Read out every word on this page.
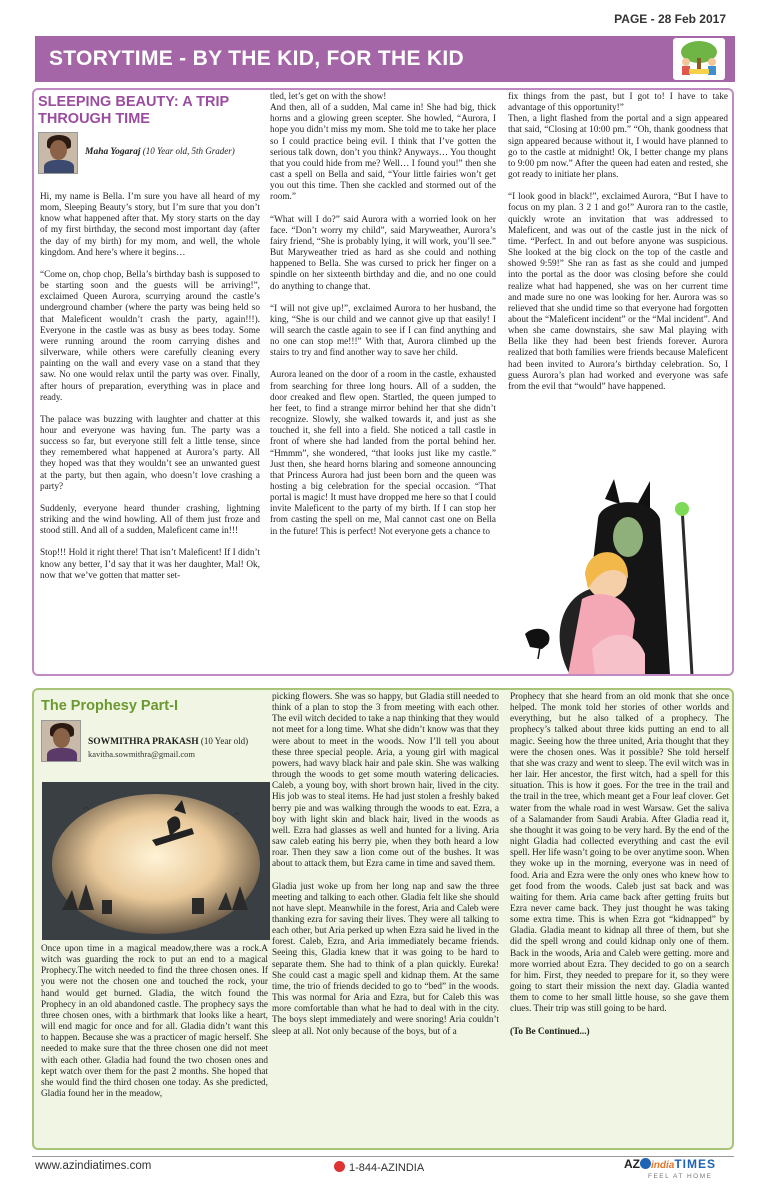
PAGE - 28 Feb 2017
STORYTIME - BY THE KID, FOR THE KID
SLEEPING BEAUTY: A TRIP THROUGH TIME
Maha Yogaraj (10 Year old, 5th Grader)

Hi, my name is Bella. I’m sure you have all heard of my mom, Sleeping Beauty’s story, but I’m sure that you don’t know what happened after that. My story starts on the day of my first birthday, the second most important day (after the day of my birth) for my mom, and well, the whole kingdom. And here’s where it begins…

“Come on, chop chop, Bella’s birthday bash is supposed to be starting soon and the guests will be arriving!”, exclaimed Queen Aurora, scurrying around the castle’s underground chamber (where the party was being held so that Maleficent wouldn’t crash the party, again!!!). Everyone in the castle was as busy as bees today. Some were running around the room carrying dishes and silverware, while others were carefully cleaning every painting on the wall and every vase on a stand that they saw. No one would relax until the party was over. Finally, after hours of preparation, everything was in place and ready.

The palace was buzzing with laughter and chatter at this hour and everyone was having fun. The party was a success so far, but everyone still felt a little tense, since they remembered what happened at Aurora’s party. All they hoped was that they wouldn’t see an unwanted guest at the party, but then again, who doesn’t love crashing a party?

Suddenly, everyone heard thunder crashing, lightning striking and the wind howling. All of them just froze and stood still. And all of a sudden, Maleficent came in!!!

Stop!!! Hold it right there! That isn’t Maleficent! If I didn’t know any better, I’d say that it was her daughter, Mal! Ok, now that we’ve gotten that matter set-

tled, let’s get on with the show!

And then, all of a sudden, Mal came in! She had big, thick horns and a glowing green scepter. She howled, “Aurora, I hope you didn’t miss my mom. She told me to take her place so I could practice being evil. I think that I’ve gotten the serious talk down, don’t you think? Anyways… You thought that you could hide from me? Well… I found you!” then she cast a spell on Bella and said, “Your little fairies won’t get you out this time. Then she cackled and stormed out of the room.”

“What will I do?” said Aurora with a worried look on her face. “Don’t worry my child”, said Maryweather, Aurora’s fairy friend, “She is probably lying, it will work, you’ll see.” But Maryweather tried as hard as she could and nothing happened to Bella. She was cursed to prick her finger on a spindle on her sixteenth birthday and die, and no one could do anything to change that.

“I will not give up!”, exclaimed Aurora to her husband, the king, “She is our child and we cannot give up that easily! I will search the castle again to see if I can find anything and no one can stop me!!!” With that, Aurora climbed up the stairs to try and find another way to save her child.

Aurora leaned on the door of a room in the castle, exhausted from searching for three long hours. All of a sudden, the door creaked and flew open. Startled, the queen jumped to her feet, to find a strange mirror behind her that she didn’t recognize. Slowly, she walked towards it, and just as she touched it, she fell into a field. She noticed a tall castle in front of where she had landed from the portal behind her. “Hmmm”, she wondered, “that looks just like my castle.” Just then, she heard horns blaring and someone announcing that Princess Aurora had just been born and the queen was hosting a big celebration for the special occasion. “That portal is magic! It must have dropped me here so that I could invite Maleficent to the party of my birth. If I can stop her from casting the spell on me, Mal cannot cast one on Bella in the future! This is perfect! Not everyone gets a chance to

fix things from the past, but I got to! I have to take advantage of this opportunity!”

Then, a light flashed from the portal and a sign appeared that said, “Closing at 10:00 pm.” “Oh, thank goodness that sign appeared because without it, I would have planned to go to the castle at midnight! Ok, I better change my plans to 9:00 pm now.” After the queen had eaten and rested, she got ready to initiate her plans.

“I look good in black!”, exclaimed Aurora, “But I have to focus on my plan. 3 2 1 and go!” Aurora ran to the castle, quickly wrote an invitation that was addressed to Maleficent, and was out of the castle just in the nick of time. “Perfect. In and out before anyone was suspicious. She looked at the big clock on the top of the castle and showed 9:59!” She ran as fast as she could and jumped into the portal as the door was closing before she could realize what had happened, she was on her current time and made sure no one was looking for her. Aurora was so relieved that she undid time so that everyone had forgotten about the “Maleficent incident” or the “Mal incident”. And when she came downstairs, she saw Mal playing with Bella like they had been best friends forever. Aurora realized that both families were friends because Maleficent had been invited to Aurora’s birthday celebration. So, I guess Aurora’s plan had worked and everyone was safe from the evil that “would” have happened.

The Prophesy Part-I
SOWMITHRA PRAKASH (10 Year old)
kavitha.sowmithra@gmail.com

Once upon time in a magical meadow,there was a rock.A witch was guarding the rock to put an end to a magical Prophecy.The witch needed to find the three chosen ones. If you were not the chosen one and touched the rock, your hand would get burned. Gladia, the witch found the Prophecy in an old abandoned castle. The prophecy says the three chosen ones, with a birthmark that looks like a heart, will end magic for once and for all. Gladia didn’t want this to happen. Because she was a practicer of magic herself. She needed to make sure that the three chosen one did not meet with each other. Gladia had found the two chosen ones and kept watch over them for the past 2 months. She hoped that she would find the third chosen one today. As she predicted, Gladia found her in the meadow,

picking flowers. She was so happy, but Gladia still needed to think of a plan to stop the 3 from meeting with each other. The evil witch decided to take a nap thinking that they would not meet for a long time. What she didn’t know was that they were about to meet in the woods. Now I’ll tell you about these three special people. Aria, a young girl with magical powers, had wavy black hair and pale skin. She was walking through the woods to get some mouth watering delicacies. Caleb, a young boy, with short brown hair, lived in the city. His job was to steal items. He had just stolen a freshly baked berry pie and was walking through the woods to eat. Ezra, a boy with light skin and black hair, lived in the woods as well. Ezra had glasses as well and hunted for a living. Aria saw caleb eating his berry pie, when they both heard a low roar. Then they saw a lion come out of the bushes. It was about to attack them, but Ezra came in time and saved them.

Gladia just woke up from her long nap and saw the three meeting and talking to each other. Gladia felt like she should not have slept. Meanwhile in the forest, Aria and Caleb were thanking ezra for saving their lives. They were all talking to each other, but Aria perked up when Ezra said he lived in the forest. Caleb, Ezra, and Aria immediately became friends. Seeing this, Gladia knew that it was going to be hard to separate them. She had to think of a plan quickly. Eureka! She could cast a magic spell and kidnap them. At the same time, the trio of friends decided to go to “bed” in the woods. This was normal for Aria and Ezra, but for Caleb this was more comfortable than what he had to deal with in the city. The boys slept immediately and were snoring! Aria couldn’t sleep at all. Not only because of the boys, but of a

Prophecy that she heard from an old monk that she once helped. The monk told her stories of other worlds and everything, but he also talked of a prophecy. The prophecy’s talked about three kids putting an end to all magic. Seeing how the three united, Aria thought that they were the chosen ones. Was it possible? She told herself that she was crazy and went to sleep. The evil witch was in her lair. Her ancestor, the first witch, had a spell for this situation. This is how it goes. For the tree in the trail and the trail in the tree, which meant get a Four leaf clover. Get water from the whale road in west Warsaw. Get the saliva of a Salamander from Saudi Arabia. After Gladia read it, she thought it was going to be very hard. By the end of the night Gladia had collected everything and cast the evil spell. Her life wasn’t going to be over anytime soon. When they woke up in the morning, everyone was in need of food. Aria and Ezra were the only ones who knew how to get food from the woods. Caleb just sat back and was waiting for them. Aria came back after getting fruits but Ezra never came back. They just thought he was taking some extra time. This is when Ezra got “kidnapped” by Gladia. Gladia meant to kidnap all three of them, but she did the spell wrong and could kidnap only one of them. Back in the woods, Aria and Caleb were getting. more and more worried about Ezra. They decided to go on a search for him. First, they needed to prepare for it, so they were going to start their mission the next day. Gladia wanted them to come to her small little house, so she gave them clues. Their trip was still going to be hard.

(To Be Continued...)

www.azindiatimes.com	1-844-AZINDIA	AZ indiaTIMES
FEEL AT HOME
